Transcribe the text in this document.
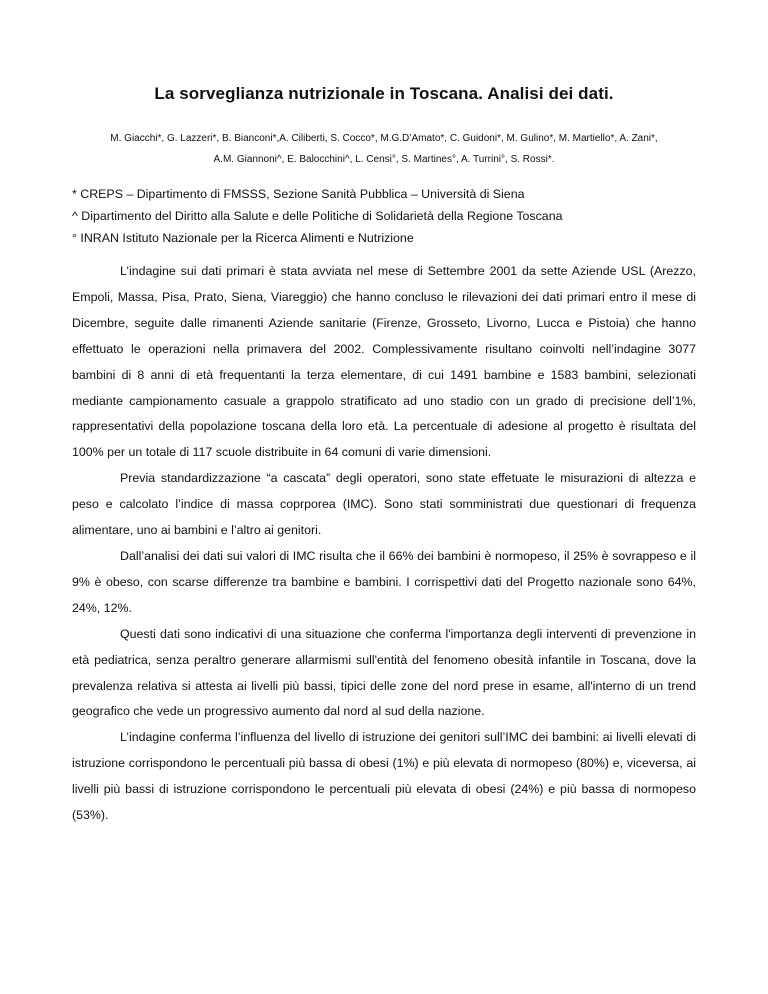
La sorveglianza nutrizionale in Toscana. Analisi dei dati.
M. Giacchi*, G. Lazzeri*, B. Bianconi*,A. Ciliberti, S. Cocco*, M.G.D’Amato*, C. Guidoni*, M. Gulino*, M. Martiello*, A. Zani*,
A.M. Giannoni^, E. Balocchini^, L. Censi°, S. Martines°, A. Turrini°, S. Rossi*.
* CREPS – Dipartimento di FMSSS, Sezione Sanità Pubblica – Università di Siena
^ Dipartimento del Diritto alla Salute e delle Politiche di Solidarietà della Regione Toscana
° INRAN Istituto Nazionale per la Ricerca Alimenti e Nutrizione

L’indagine sui dati primari è stata avviata nel mese di Settembre 2001 da sette Aziende USL (Arezzo, Empoli, Massa, Pisa, Prato, Siena, Viareggio) che hanno concluso le rilevazioni dei dati primari entro il mese di Dicembre, seguite dalle rimanenti Aziende sanitarie (Firenze, Grosseto, Livorno, Lucca e Pistoia) che hanno effettuato le operazioni nella primavera del 2002. Complessivamente risultano coinvolti nell’indagine 3077 bambini di 8 anni di età frequentanti la terza elementare, di cui 1491 bambine e 1583 bambini, selezionati mediante campionamento casuale a grappolo stratificato ad uno stadio con un grado di precisione dell’1%, rappresentativi della popolazione toscana della loro età. La percentuale di adesione al progetto è risultata del 100% per un totale di 117 scuole distribuite in 64 comuni di varie dimensioni.

Previa standardizzazione “a cascata” degli operatori, sono state effetuate le misurazioni di altezza e peso e calcolato l’indice di massa coprporea (IMC). Sono stati somministrati due questionari di frequenza alimentare, uno ai bambini e l’altro ai genitori.

Dall’analisi dei dati sui valori di IMC risulta che il 66% dei bambini è normopeso, il 25% è sovrappeso e il 9% è obeso, con scarse differenze tra bambine e bambini. I corrispettivi dati del Progetto nazionale sono 64%, 24%, 12%.

Questi dati sono indicativi di una situazione che conferma l'importanza degli interventi di prevenzione in età pediatrica, senza peraltro generare allarmismi sull'entità del fenomeno obesità infantile in Toscana, dove la prevalenza relativa si attesta ai livelli più bassi, tipici delle zone del nord prese in esame, all'interno di un trend geografico che vede un progressivo aumento dal nord al sud della nazione.

L’indagine conferma l’influenza del livello di istruzione dei genitori sull’IMC dei bambini: ai livelli elevati di istruzione corrispondono le percentuali più bassa di obesi (1%) e più elevata di normopeso (80%) e, viceversa, ai livelli più bassi di istruzione corrispondono le percentuali più elevata di obesi (24%) e più bassa di normopeso (53%).
